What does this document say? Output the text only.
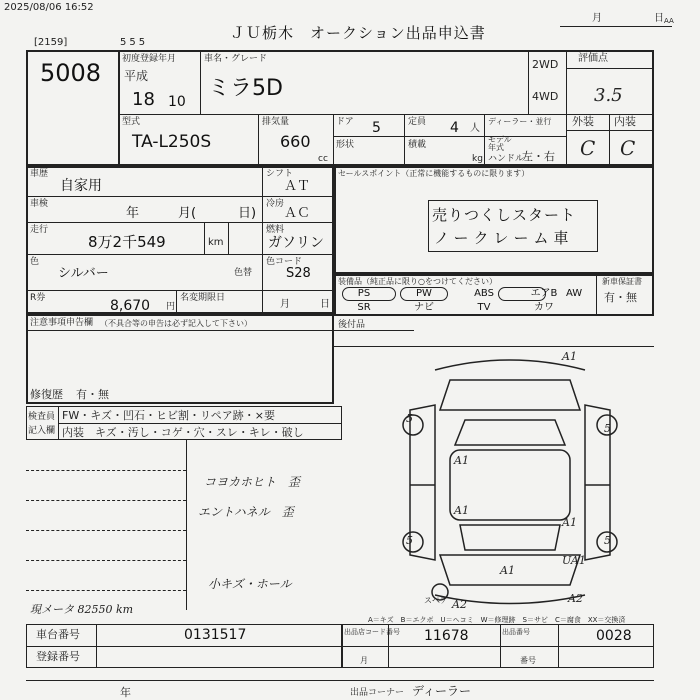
2025/08/06 16:52
ＪＵ栃木　オークション出品申込書
月	日 AA
[2159]	555
5008 初度登録年月
平成
18 10
車名・グレード
ミラ5D
2WD
4WD
評価点
3.5
型式
TA-L250S
排気量
660
cc
ドア 5
形状
定員 4 人
積載
kg
ディーラー・並行
モデル
年式
ハンドル
左・右
外装 内装
C C
車歴
自家用
シフト
ＡＴ
車検
年	月(	日)
冷房
ＡＣ
走行
8万2千549	km
燃料
ガソリン
色
シルバー	色替
色コード
S28
R券	8,670 円
名変期限日
月	日
注意事項申告欄 （不具合等の申告は必ず記入して下さい）
修復歴 有・無
セールスポイント（正常に機能するものに限ります）
売りつくしスタート
ノークレーム車
装備品（純正品に限り○をつけてください）	新車保証書
有・無
PS	PW	ABS	エアB AW
SR	ナビ	TV	カワ
後付品
検査員
記入欄
FW・キズ・凹石・ヒビ割・リペア跡・×要
内装　キズ・汚し・コゲ・穴・スレ・キレ・破し
コヨカホヒト　歪
エントハネル　歪
小キズ・ホール
現メータ 82550 km
A1
A1
A1
A1
A1
UA1
A2	A2
5
5
5	5
スペア
A＝キズ　B＝エクボ　U＝ヘコミ　W＝修理跡　S＝サビ　C＝腐食　XX＝交換済
車台番号	0131517
登録番号
出品店コード番号 11678	出品番号	0028
月	番号
年	出品コーナー ディーラー
